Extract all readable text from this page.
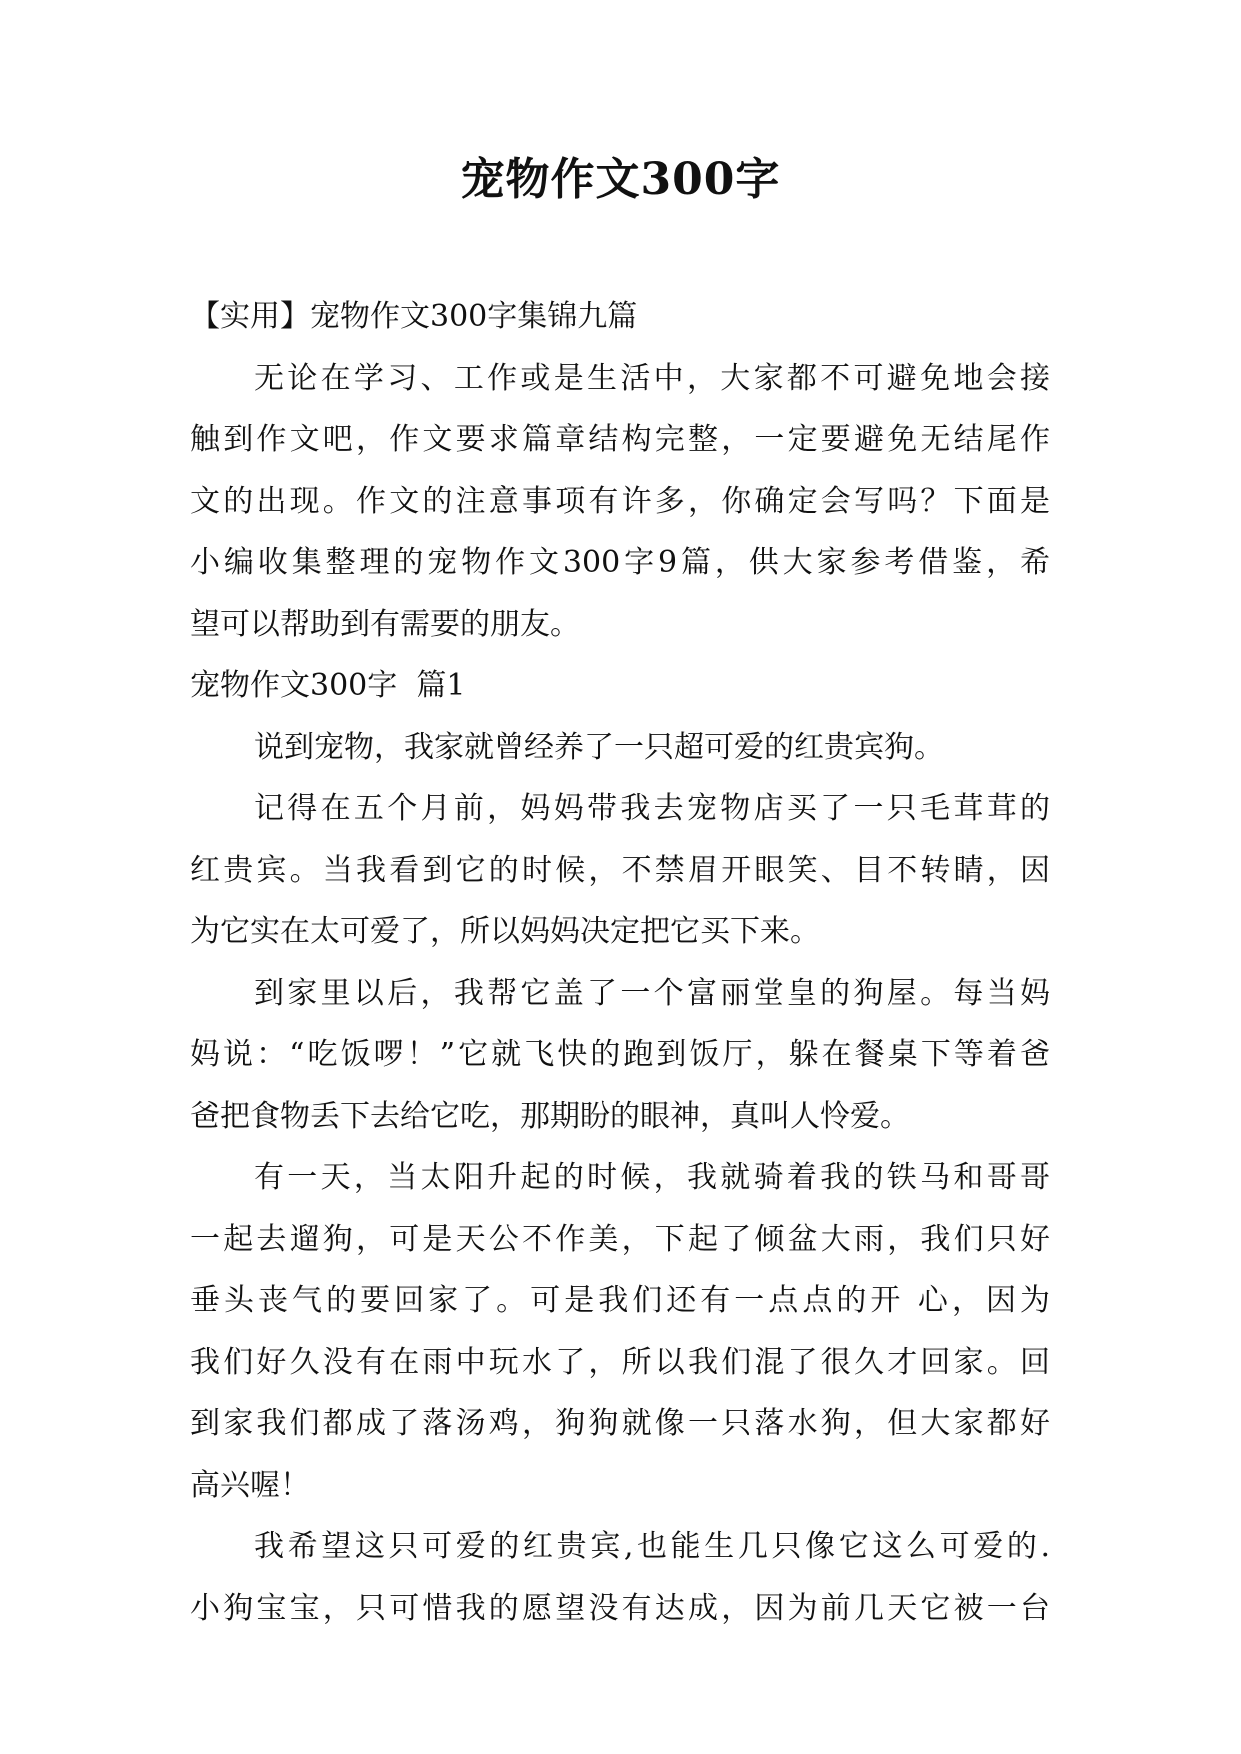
宠物作文300字

【实用】宠物作文300字集锦九篇

无论在学习、工作或是生活中，大家都不可避免地会接

触到作文吧，作文要求篇章结构完整，一定要避免无结尾作

文的出现。作文的注意事项有许多，你确定会写吗？下面是

小编收集整理的宠物作文300字9篇，供大家参考借鉴，希

望可以帮助到有需要的朋友。

宠物作文300字  篇1

说到宠物，我家就曾经养了一只超可爱的红贵宾狗。

记得在五个月前，妈妈带我去宠物店买了一只毛茸茸的

红贵宾。当我看到它的时候，不禁眉开眼笑、目不转睛，因

为它实在太可爱了，所以妈妈决定把它买下来。

到家里以后，我帮它盖了一个富丽堂皇的狗屋。每当妈

妈说：“吃饭啰！”它就飞快的跑到饭厅，躲在餐桌下等着爸

爸把食物丢下去给它吃，那期盼的眼神，真叫人怜爱。

有一天，当太阳升起的时候，我就骑着我的铁马和哥哥

一起去遛狗，可是天公不作美，下起了倾盆大雨，我们只好

垂头丧气的要回家了。可是我们还有一点点的开 心，因为

我们好久没有在雨中玩水了，所以我们混了很久才回家。回

到家我们都成了落汤鸡，狗狗就像一只落水狗，但大家都好

高兴喔！

我希望这只可爱的红贵宾,也能生几只像它这么可爱的.

小狗宝宝，只可惜我的愿望没有达成，因为前几天它被一台
